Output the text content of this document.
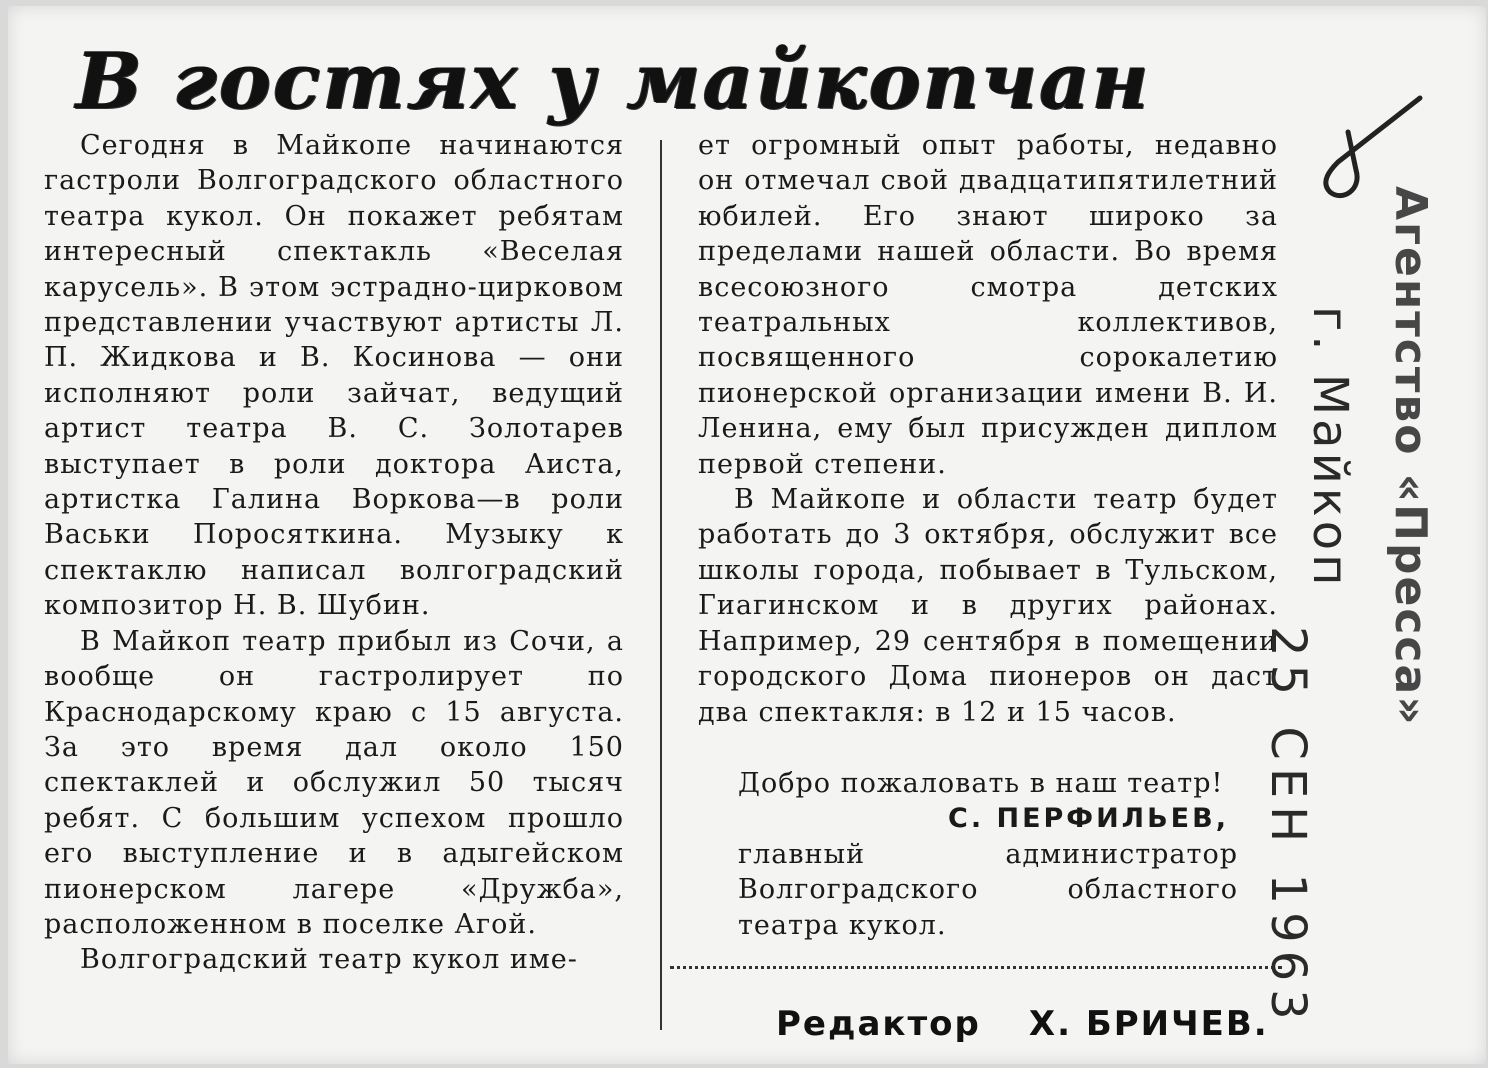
В гостях у майкопчан

Сегодня в Майкопе начинаются гастроли Волгоградского областного театра кукол. Он покажет ребятам интересный спектакль «Веселая карусель». В этом эстрадно-цирковом представлении участвуют артисты Л. П. Жидкова и В. Косинова — они исполняют роли зайчат, ведущий артист театра В. С. Золотарев выступает в роли доктора Аиста, артистка Галина Воркова—в роли Васьки Поросяткина. Музыку к спектаклю написал волгоградский композитор Н. В. Шубин.

В Майкоп театр прибыл из Сочи, а вообще он гастролирует по Краснодарскому краю с 15 августа. За это время дал около 150 спектаклей и обслужил 50 тысяч ребят. С большим успехом прошло его выступление и в адыгейском пионерском лагере «Дружба», расположенном в поселке Агой.

Волгоградский театр кукол име-

ет огромный опыт работы, недавно он отмечал свой двадцатипятилетний юбилей. Его знают широко за пределами нашей области. Во время всесоюзного смотра детских театральных коллективов, посвященного сорокалетию пионерской организации имени В. И. Ленина, ему был присужден диплом первой степени.

В Майкопе и области театр будет работать до 3 октября, обслужит все школы города, побывает в Тульском, Гиагинском и в других районах. Например, 29 сентября в помещении городского Дома пионеров он даст два спектакля: в 12 и 15 часов.

Добро пожаловать в наш театр!

С. ПЕРФИЛЬЕВ,

главный администратор Волгоградского областного театра кукол.

Редактор Х. БРИЧЕВ.
Агентство «Пресса»
г. Майкоп
25 СЕН 1963
